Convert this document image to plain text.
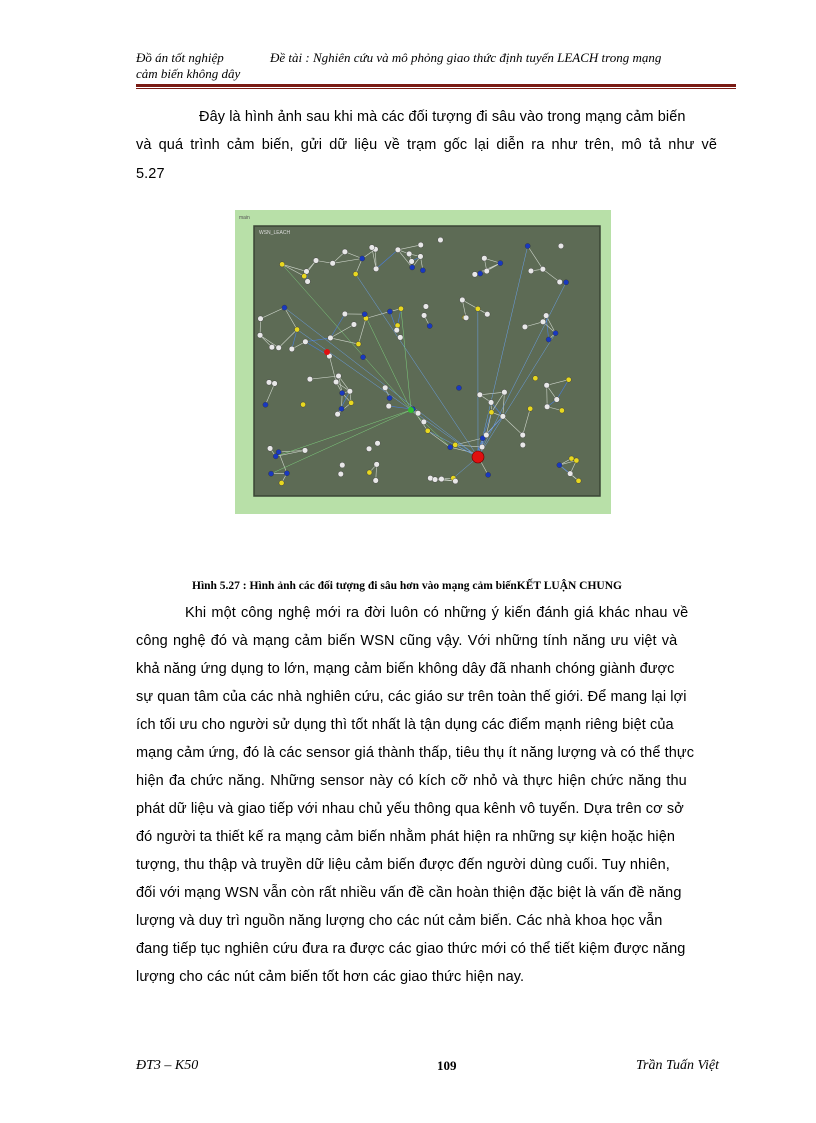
Đồ án tốt nghiệp	Đề tài : Nghiên cứu và mô phỏng giao thức định tuyến LEACH trong mạng
cảm biến không dây
Đây là hình ảnh sau khi mà các đối tượng đi sâu vào trong mạng cảm biến
và quá trình cảm biến, gửi dữ liệu về trạm gốc lại diễn ra như trên, mô tả như vẽ
5.27
main
WSN_LEACH
Hình 5.27 : Hình ảnh các đối tượng đi sâu hơn vào mạng cảm biếnKẾT LUẬN CHUNG
Khi một công nghệ mới ra đời luôn có những ý kiến đánh giá khác nhau về
công nghệ đó và mạng cảm biến WSN cũng vậy. Với những tính năng ưu việt và
khả năng ứng dụng to lớn, mạng cảm biến không dây đã nhanh chóng giành được
sự quan tâm của các nhà nghiên cứu, các giáo sư trên toàn thế giới. Để mang lại lợi
ích tối ưu cho người sử dụng thì tốt nhất là tận dụng các điểm mạnh riêng biệt của
mạng cảm ứng, đó là các sensor giá thành thấp, tiêu thụ ít năng lượng và có thể thực
hiện đa chức năng. Những sensor này có kích cỡ nhỏ và thực hiện chức năng thu
phát dữ liệu và giao tiếp với nhau chủ yếu thông qua kênh vô tuyến. Dựa trên cơ sở
đó người ta thiết kế ra mạng cảm biến nhằm phát hiện ra những sự kiện hoặc hiện
tượng, thu thập và truyền dữ liệu cảm biến được đến người dùng cuối. Tuy nhiên,
đối với mạng WSN vẫn còn rất nhiều vấn đề cần hoàn thiện đặc biệt là vấn đề năng
lượng và duy trì nguồn năng lượng cho các nút cảm biến. Các nhà khoa học vẫn
đang tiếp tục nghiên cứu đưa ra được các giao thức mới có thể tiết kiệm được năng
lượng cho các nút cảm biến tốt hơn các giao thức hiện nay.
ĐT3 – K50	109	Trần Tuấn Việt
